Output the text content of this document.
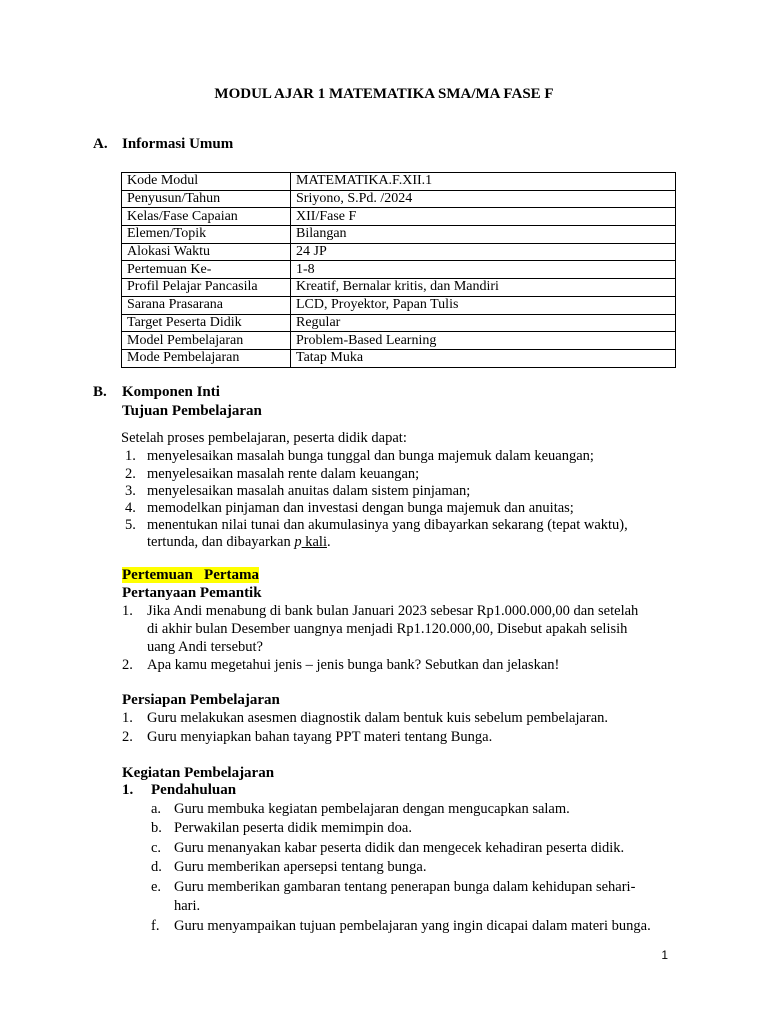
MODUL AJAR 1 MATEMATIKA SMA/MA FASE F
A. Informasi Umum
Kode Modul	MATEMATIKA.F.XII.1
Penyusun/Tahun	Sriyono, S.Pd. /2024
Kelas/Fase Capaian	XII/Fase F
Elemen/Topik	Bilangan
Alokasi Waktu	24 JP
Pertemuan Ke-	1-8
Profil Pelajar Pancasila	Kreatif, Bernalar kritis, dan Mandiri
Sarana Prasarana	LCD, Proyektor, Papan Tulis
Target Peserta Didik	Regular
Model Pembelajaran	Problem-Based Learning
Mode Pembelajaran	Tatap Muka
B. Komponen Inti
Tujuan Pembelajaran
Setelah proses pembelajaran, peserta didik dapat:
1. menyelesaikan masalah bunga tunggal dan bunga majemuk dalam keuangan;
2. menyelesaikan masalah rente dalam keuangan;
3. menyelesaikan masalah anuitas dalam sistem pinjaman;
4. memodelkan pinjaman dan investasi dengan bunga majemuk dan anuitas;
5. menentukan nilai tunai dan akumulasinya yang dibayarkan sekarang (tepat waktu),
tertunda, dan dibayarkan p kali.
Pertemuan   Pertama
Pertanyaan Pemantik
1. Jika Andi menabung di bank bulan Januari 2023 sebesar Rp1.000.000,00 dan setelah
di akhir bulan Desember uangnya menjadi Rp1.120.000,00, Disebut apakah selisih
uang Andi tersebut?
2. Apa kamu megetahui jenis – jenis bunga bank? Sebutkan dan jelaskan!
Persiapan Pembelajaran
1. Guru melakukan asesmen diagnostik dalam bentuk kuis sebelum pembelajaran.
2. Guru menyiapkan bahan tayang PPT materi tentang Bunga.
Kegiatan Pembelajaran
1. Pendahuluan
a. Guru membuka kegiatan pembelajaran dengan mengucapkan salam.
b. Perwakilan peserta didik memimpin doa.
c. Guru menanyakan kabar peserta didik dan mengecek kehadiran peserta didik.
d. Guru memberikan apersepsi tentang bunga.
e. Guru memberikan gambaran tentang penerapan bunga dalam kehidupan sehari-
hari.
f. Guru menyampaikan tujuan pembelajaran yang ingin dicapai dalam materi bunga.
1
